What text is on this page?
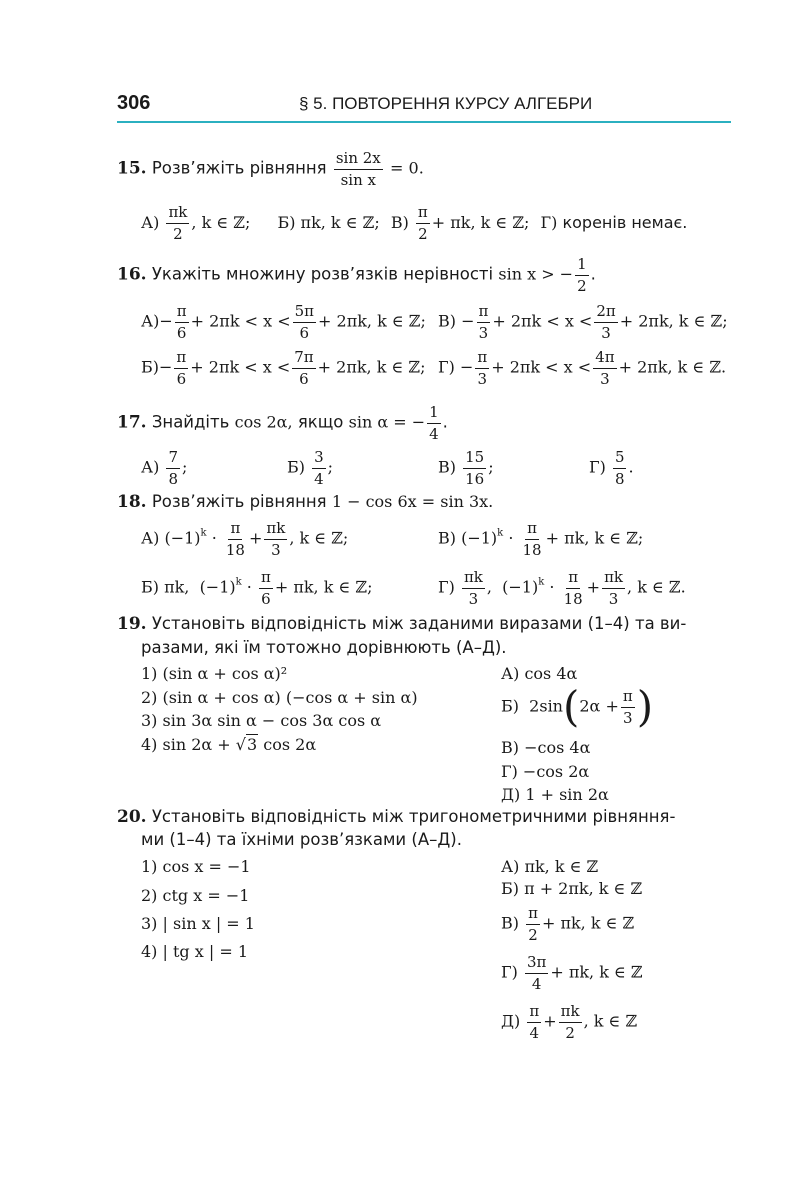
306	§ 5. ПОВТОРЕННЯ КУРСУ АЛГЕБРИ
15. Розв’яжіть рівняння $\frac{\sin 2x}{\text{sin x}} = 0$.
$А) \frac{\pi k}{2}$ , k ∈ ℤ; Б) πk, k ∈ ℤ; $В) \frac{\pi}{2} + \pi k$, k ∈ ℤ; Г) коренів немає.
16. Укажіть множину розв’язків нерівності sin x > − $\frac{1}{2}$ .
$А)- \frac{\pi}{6} + 2\pi k < x < \frac{5\pi}{6} + 2\pi k$, k ∈ ℤ; $В) - \frac{\pi}{3} + 2\pi k < x < \frac{2\pi}{3} + 2\pi k$, k ∈ ℤ;
$Б)- \frac{\pi}{6} + 2\pi k < x < \frac{7\pi}{6} + 2\pi k$, k ∈ ℤ; $Г) - \frac{\pi}{3} + 2\pi k < x < \frac{4\pi}{3} + 2\pi k$, k ∈ ℤ.
17. Знайдіть cos 2α, якщо sin α = − $\frac{1}{4}$ .
$А) \frac{7}{8}$ ;	$Б) \frac{3}{4}$ ;	$В) \frac{15}{16}$ ;	$Г) \frac{5}{8}$ .
18. Розв’яжіть рівняння 1 − cos 6x = sin 3x.
А) $(-1)^k \cdot \frac{\pi}{18} + \frac{\pi k}{3}$ , k ∈ ℤ;	В) $(-1)^k \cdot \frac{\pi}{18} + \pi k$, k ∈ ℤ;
Б) πk, $(-1)^k \cdot \frac{\pi}{6} + \pi k$, k ∈ ℤ;	$Г) \frac{\pi k}{3}$ , $(-1)^k \cdot \frac{\pi}{18} + \frac{\pi k}{3}$ , k ∈ ℤ.
19. Установіть відповідність між заданими виразами (1–4) та ви-
разами, які їм тотожно дорівнюють (А–Д).
1) (sin α + cos α)²
2) (sin α + cos α) (−cos α + sin α)
3) sin 3α sin α − cos 3α cos α
4) sin 2α + √3 cos 2α
А) cos 4α
Б) $2\sin(2\alpha + \frac{\pi}{3}$ )
В) −cos 4α
Г) −cos 2α
Д) 1 + sin 2α
20. Установіть відповідність між тригонометричними рівняння-
ми (1–4) та їхніми розв’язками (А–Д).
1) cos x = −1
2) ctg x = −1
3) | sin x | = 1
4) | tg x | = 1
А) πk, k ∈ ℤ
Б) π + 2πk, k ∈ ℤ
$В) \frac{\pi}{2} + \pi k$, k ∈ ℤ
$Г) \frac{3\pi}{4} + \pi k$, k ∈ ℤ
$Д) \frac{\pi}{4} + \frac{\pi k}{2}$ , k ∈ ℤ
